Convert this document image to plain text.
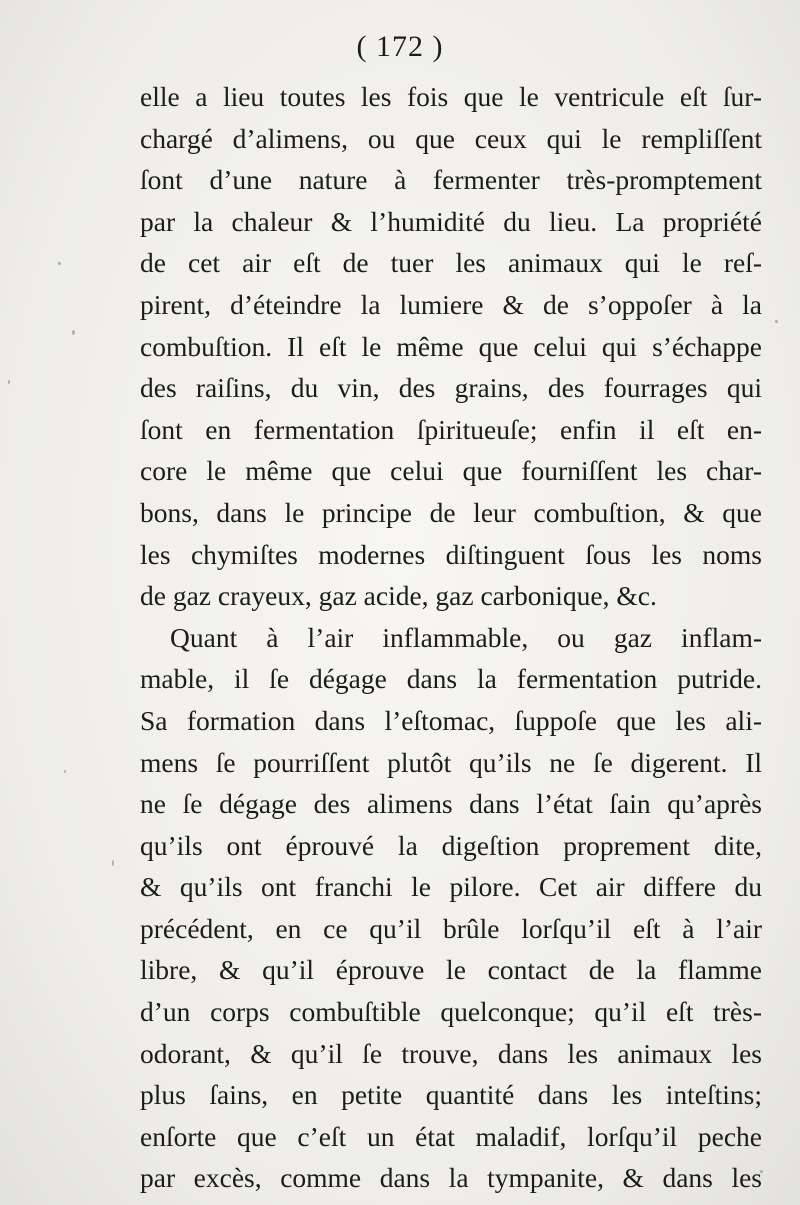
( 172 )
elle a lieu toutes les fois que le ventricule eſt ſur-
chargé d’alimens, ou que ceux qui le rempliſſent
ſont d’une nature à fermenter très-promptement
par la chaleur & l’humidité du lieu. La propriété
de cet air eſt de tuer les animaux qui le reſ-
pirent, d’éteindre la lumiere & de s’oppoſer à la
combuſtion. Il eſt le même que celui qui s’échappe
des raiſins, du vin, des grains, des fourrages qui
ſont en fermentation ſpiritueuſe; enfin il eſt en-
core le même que celui que fourniſſent les char-
bons, dans le principe de leur combuſtion, & que
les chymiſtes modernes diſtinguent ſous les noms
de gaz crayeux, gaz acide, gaz carbonique, &c.
Quant à l’air inflammable, ou gaz inflam-
mable, il ſe dégage dans la fermentation putride.
Sa formation dans l’eſtomac, ſuppoſe que les ali-
mens ſe pourriſſent plutôt qu’ils ne ſe digerent. Il
ne ſe dégage des alimens dans l’état ſain qu’après
qu’ils ont éprouvé la digeſtion proprement dite,
& qu’ils ont franchi le pilore. Cet air differe du
précédent, en ce qu’il brûle lorſqu’il eſt à l’air
libre, & qu’il éprouve le contact de la flamme
d’un corps combuſtible quelconque; qu’il eſt très-
odorant, & qu’il ſe trouve, dans les animaux les
plus ſains, en petite quantité dans les inteſtins;
enſorte que c’eſt un état maladif, lorſqu’il peche
par excès, comme dans la tympanite, & dans les
